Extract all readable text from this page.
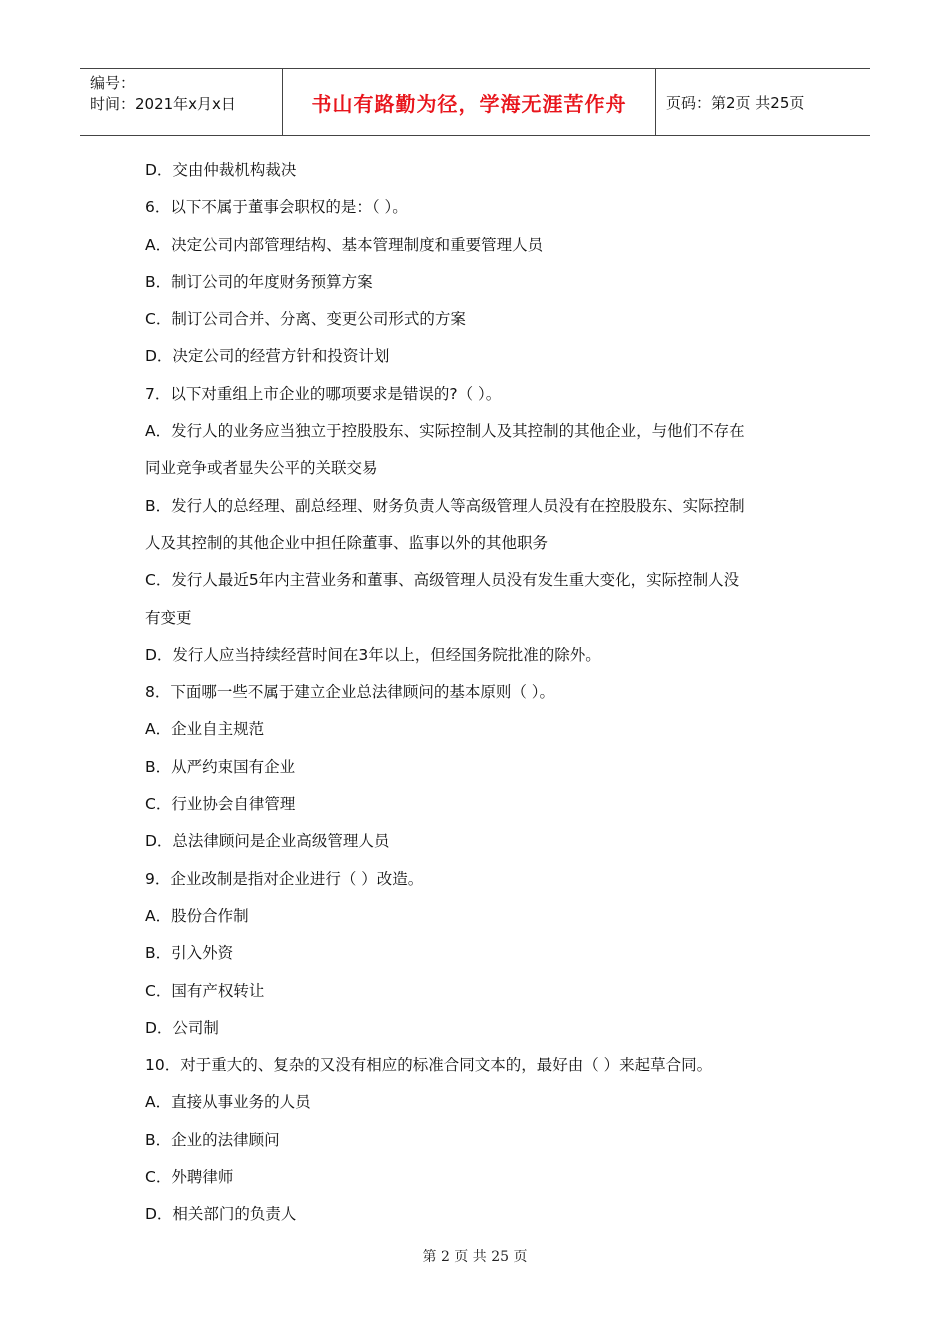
编号：
时间：2021年x月x日	书山有路勤为径，学海无涯苦作舟	页码：第2页 共25页

D．交由仲裁机构裁决

6．以下不属于董事会职权的是：（ ）。

A．决定公司内部管理结构、基本管理制度和重要管理人员

B．制订公司的年度财务预算方案

C．制订公司合并、分离、变更公司形式的方案

D．决定公司的经营方针和投资计划

7．以下对重组上市企业的哪项要求是错误的?（ ）。

A．发行人的业务应当独立于控股股东、实际控制人及其控制的其他企业，与他们不存在

同业竞争或者显失公平的关联交易

B．发行人的总经理、副总经理、财务负责人等高级管理人员没有在控股股东、实际控制

人及其控制的其他企业中担任除董事、监事以外的其他职务

C．发行人最近5年内主营业务和董事、高级管理人员没有发生重大变化，实际控制人没

有变更

D．发行人应当持续经营时间在3年以上，但经国务院批准的除外。

8．下面哪一些不属于建立企业总法律顾问的基本原则（ ）。

A．企业自主规范

B．从严约束国有企业

C．行业协会自律管理

D．总法律顾问是企业高级管理人员

9．企业改制是指对企业进行（ ）改造。

A．股份合作制

B．引入外资

C．国有产权转让

D．公司制

10．对于重大的、复杂的又没有相应的标准合同文本的，最好由（ ）来起草合同。

A．直接从事业务的人员

B．企业的法律顾问

C．外聘律师

D．相关部门的负责人

第 2 页 共 25 页
